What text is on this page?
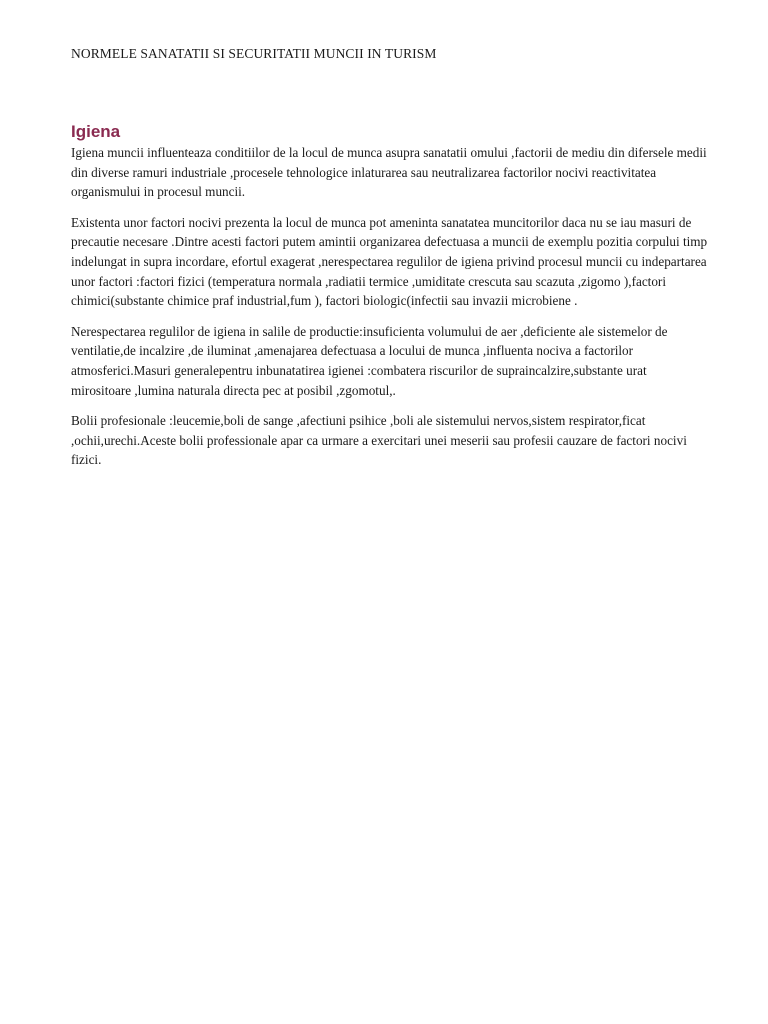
NORMELE SANATATII SI SECURITATII MUNCII IN TURISM

Igiena

Igiena muncii influenteaza conditiilor de la locul de munca asupra sanatatii omului ,factorii de mediu din difersele medii din diverse ramuri industriale ,procesele tehnologice inlaturarea sau neutralizarea factorilor nocivi reactivitatea organismului in procesul muncii.

Existenta unor factori nocivi prezenta la locul de munca pot ameninta sanatatea muncitorilor daca nu se iau masuri de precautie necesare .Dintre acesti factori putem amintii organizarea defectuasa a muncii de exemplu pozitia corpului timp indelungat in supra incordare, efortul exagerat ,nerespectarea regulilor de igiena privind procesul muncii cu indepartarea unor factori :factori fizici (temperatura normala ,radiatii termice ,umiditate crescuta sau scazuta ,zigomo ),factori chimici(substante chimice praf industrial,fum ), factori biologic(infectii sau invazii microbiene .

Nerespectarea regulilor de igiena in salile de productie:insuficienta volumului de aer ,deficiente ale sistemelor de ventilatie,de incalzire ,de iluminat ,amenajarea defectuasa a locului de munca ,influenta nociva a factorilor atmosferici.Masuri generalepentru inbunatatirea igienei :combatera riscurilor de supraincalzire,substante urat mirositoare ,lumina naturala directa pec at posibil ,zgomotul,.

Bolii profesionale :leucemie,boli de sange ,afectiuni psihice ,boli ale sistemului nervos,sistem respirator,ficat ,ochii,urechi.Aceste bolii professionale apar ca urmare a exercitari unei meserii sau profesii cauzare de factori nocivi fizici.
